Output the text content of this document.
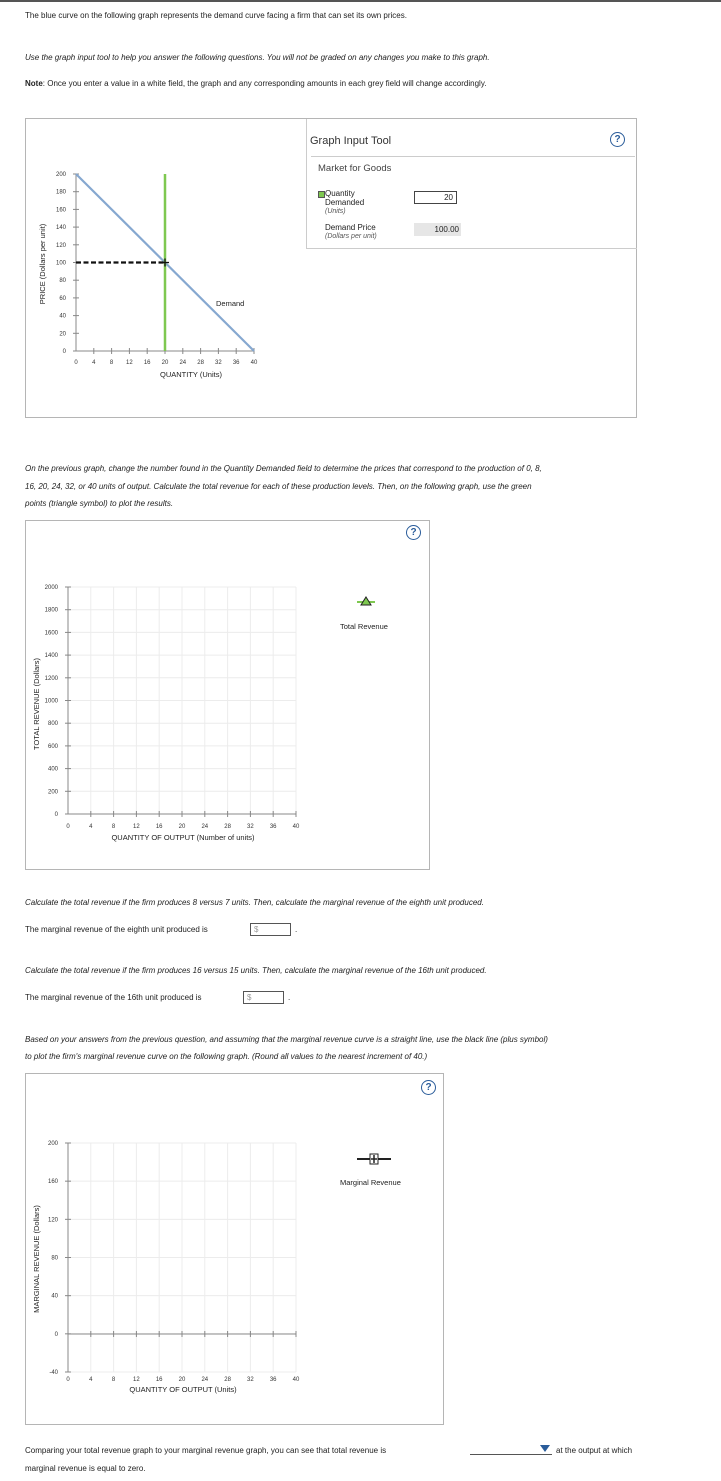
The blue curve on the following graph represents the demand curve facing a firm that can set its own prices.
Use the graph input tool to help you answer the following questions. You will not be graded on any changes you make to this graph.
Note: Once you enter a value in a white field, the graph and any corresponding amounts in each grey field will change accordingly.
200
180
160
140
120
100
80
60
40
20
0
0 4 8 12 16 20 24 28 32 36 40
PRICE (Dollars per unit)
QUANTITY (Units)
Demand
Graph Input Tool	?
Market for Goods
Quantity
Demanded
(Units)
20
Demand Price
(Dollars per unit)
100.00
On the previous graph, change the number found in the Quantity Demanded field to determine the prices that correspond to the production of 0, 8,
16, 20, 24, 32, or 40 units of output. Calculate the total revenue for each of these production levels. Then, on the following graph, use the green
points (triangle symbol) to plot the results.
?
2000
1800
1600
1400
1200
1000
800
600
400
200
0
0	4	8	12	16	20	24	28	32	36	40
TOTAL REVENUE (Dollars)
QUANTITY OF OUTPUT (Number of units)
Total Revenue
Calculate the total revenue if the firm produces 8 versus 7 units. Then, calculate the marginal revenue of the eighth unit produced.
The marginal revenue of the eighth unit produced is	$	.
Calculate the total revenue if the firm produces 16 versus 15 units. Then, calculate the marginal revenue of the 16th unit produced.
The marginal revenue of the 16th unit produced is	$	.
Based on your answers from the previous question, and assuming that the marginal revenue curve is a straight line, use the black line (plus symbol)
to plot the firm's marginal revenue curve on the following graph. (Round all values to the nearest increment of 40.)
?
200
160
120
80
40
0
-40
0	4	8	12	16	20	24	28	32	36	40
MARGINAL REVENUE (Dollars)
QUANTITY OF OUTPUT (Units)
Marginal Revenue
Comparing your total revenue graph to your marginal revenue graph, you can see that total revenue is	at the output at which
marginal revenue is equal to zero.
